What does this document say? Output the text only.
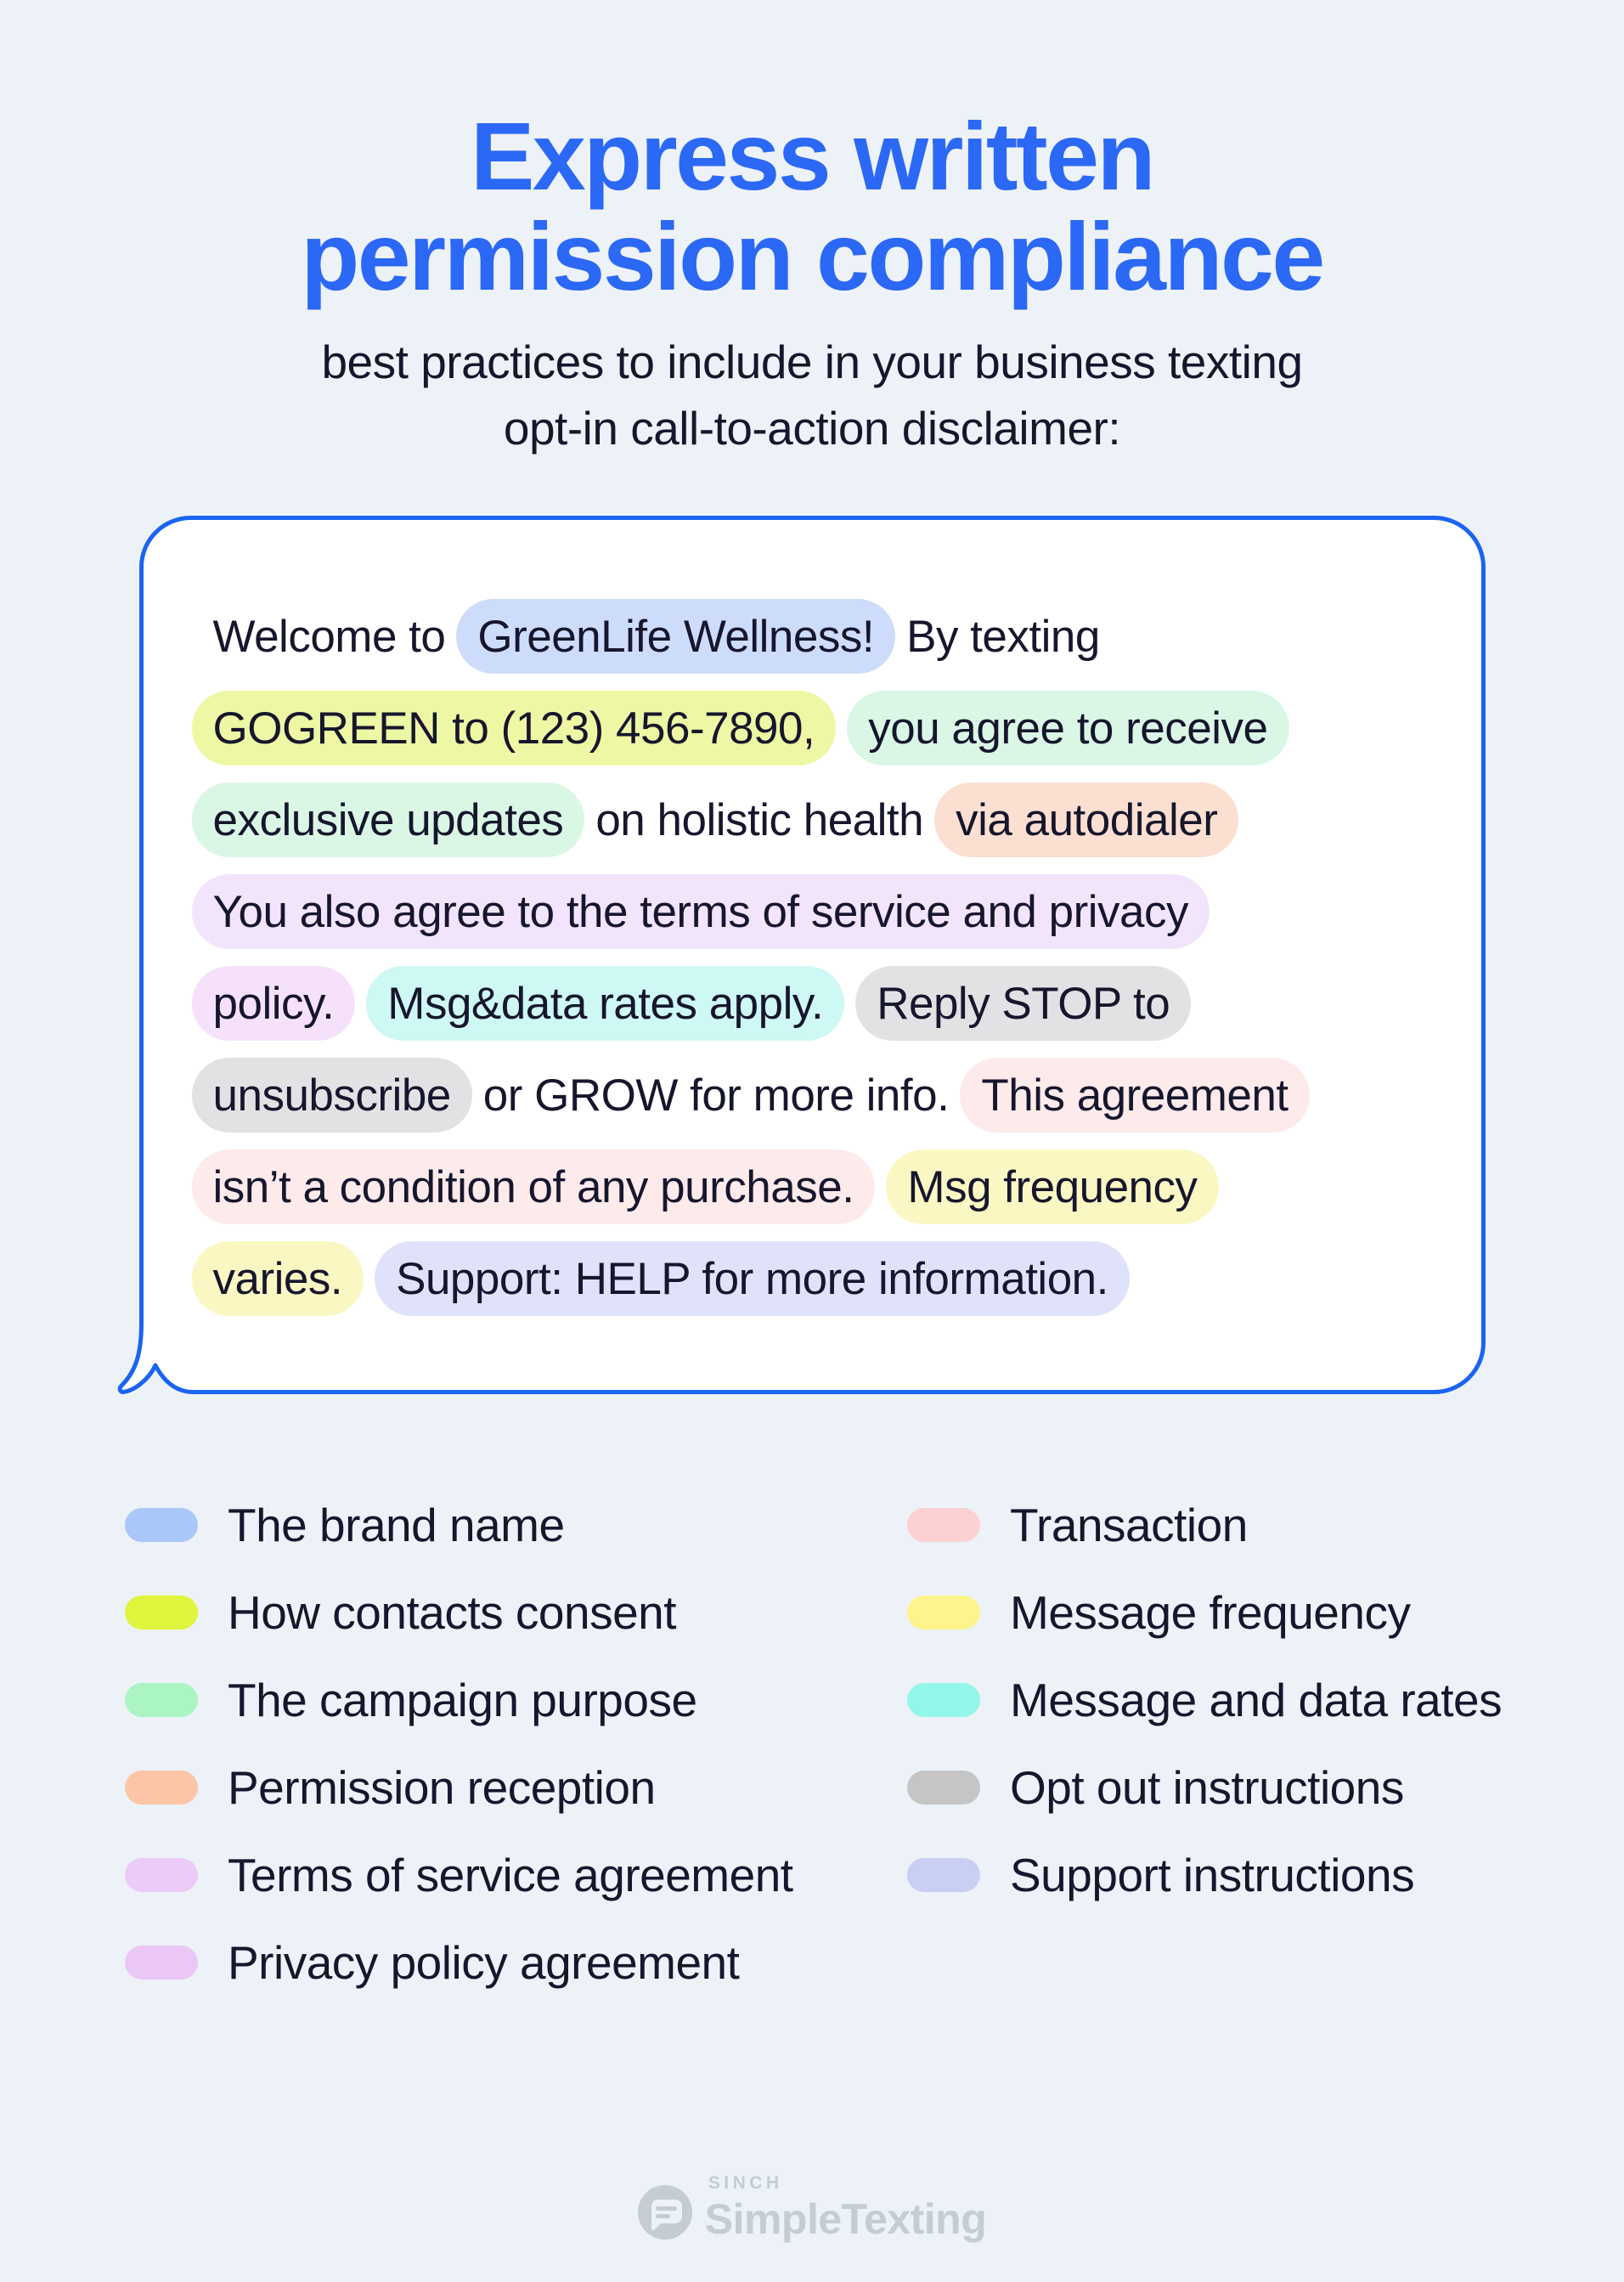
Express written
permission compliance
best practices to include in your business texting
opt-in call-to-action disclaimer:
Welcome to GreenLife Wellness! By texting
GOGREEN to (123) 456-7890,	you agree to receive
exclusive updates on holistic health via autodialer
You also agree to the terms of service and privacy
policy.	Msg&data rates apply.	Reply STOP to
unsubscribe or GROW for more info. This agreement
isn’t a condition of any purchase.	Msg frequency
varies.	Support: HELP for more information.
The brand name
How contacts consent
The campaign purpose
Permission reception
Terms of service agreement
Privacy policy agreement
Transaction
Message frequency
Message and data rates
Opt out instructions
Support instructions
SINCH
SimpleTexting
